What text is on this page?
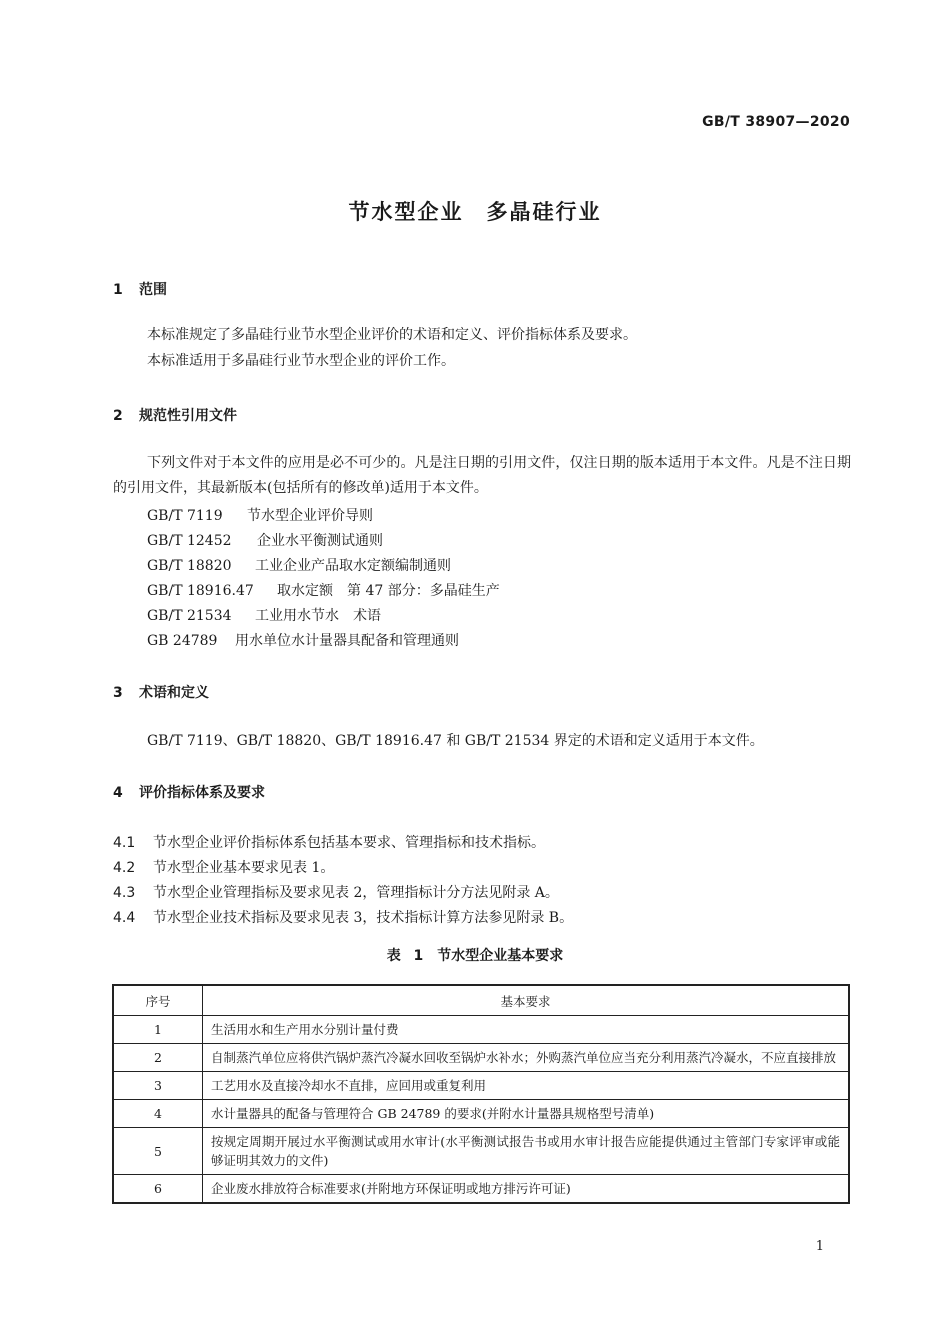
GB/T 38907—2020
节水型企业　多晶硅行业
1 范围
本标准规定了多晶硅行业节水型企业评价的术语和定义、评价指标体系及要求。
本标准适用于多晶硅行业节水型企业的评价工作。
2 规范性引用文件
下列文件对于本文件的应用是必不可少的。凡是注日期的引用文件，仅注日期的版本适用于本文件。凡是不注日期的引用文件，其最新版本(包括所有的修改单)适用于本文件。
GB/T 7119 节水型企业评价导则
GB/T 12452 企业水平衡测试通则
GB/T 18820 工业企业产品取水定额编制通则
GB/T 18916.47 取水定额　第 47 部分：多晶硅生产
GB/T 21534 工业用水节水　术语
GB 24789 用水单位水计量器具配备和管理通则
3 术语和定义
GB/T 7119、GB/T 18820、GB/T 18916.47 和 GB/T 21534 界定的术语和定义适用于本文件。
4 评价指标体系及要求
4.1 节水型企业评价指标体系包括基本要求、管理指标和技术指标。
4.2 节水型企业基本要求见表 1。
4.3 节水型企业管理指标及要求见表 2，管理指标计分方法见附录 A。
4.4 节水型企业技术指标及要求见表 3，技术指标计算方法参见附录 B。
表 1　节水型企业基本要求
序号	基本要求
1	生活用水和生产用水分别计量付费
2	自制蒸汽单位应将供汽锅炉蒸汽冷凝水回收至锅炉水补水；外购蒸汽单位应当充分利用蒸汽冷凝水，不应直接排放
3	工艺用水及直接冷却水不直排，应回用或重复利用
4	水计量器具的配备与管理符合 GB 24789 的要求(并附水计量器具规格型号清单)
5	按规定周期开展过水平衡测试或用水审计(水平衡测试报告书或用水审计报告应能提供通过主管部门专家评审或能够证明其效力的文件)
6	企业废水排放符合标准要求(并附地方环保证明或地方排污许可证)
1
